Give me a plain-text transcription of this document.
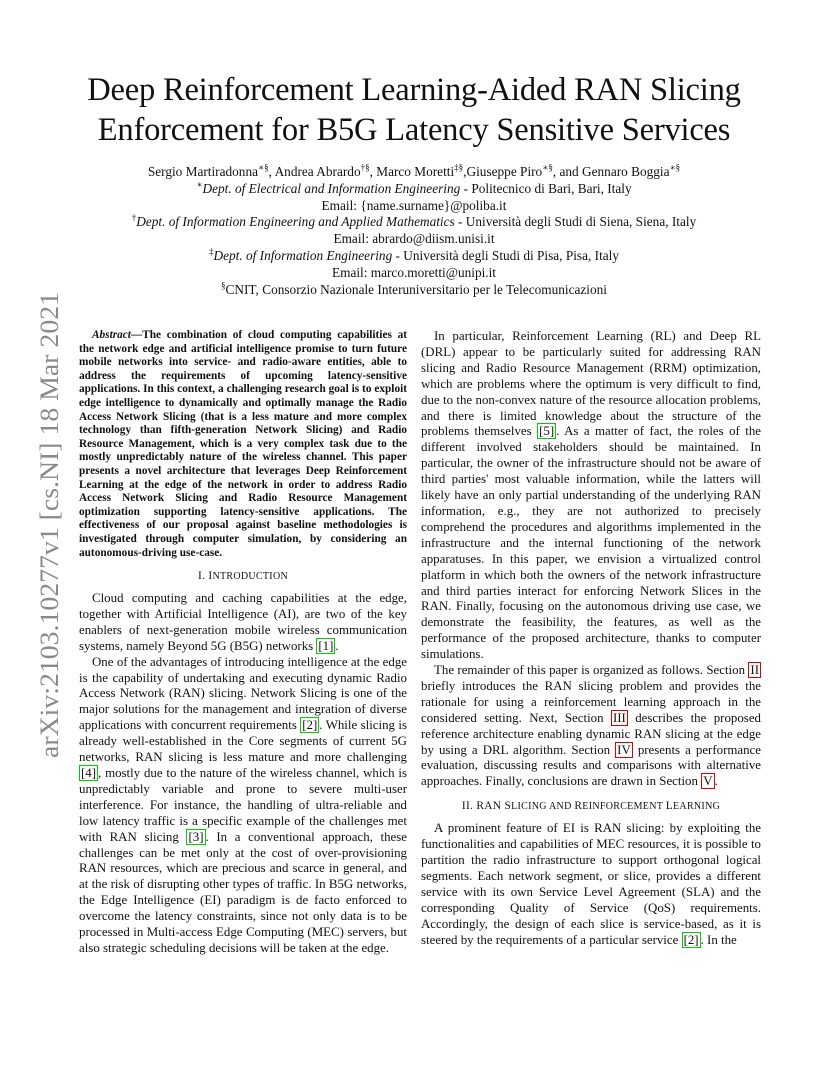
arXiv:2103.10277v1 [cs.NI] 18 Mar 2021
Deep Reinforcement Learning-Aided RAN Slicing
Enforcement for B5G Latency Sensitive Services
Sergio Martiradonna∗§, Andrea Abrardo†§, Marco Moretti‡§,Giuseppe Piro∗§, and Gennaro Boggia∗§
∗Dept. of Electrical and Information Engineering - Politecnico di Bari, Bari, Italy
Email: {name.surname}@poliba.it
†Dept. of Information Engineering and Applied Mathematics - Università degli Studi di Siena, Siena, Italy
Email: abrardo@diism.unisi.it
‡Dept. of Information Engineering - Università degli Studi di Pisa, Pisa, Italy
Email: marco.moretti@unipi.it
§CNIT, Consorzio Nazionale Interuniversitario per le Telecomunicazioni

Abstract—The combination of cloud computing capabilities at the network edge and artificial intelligence promise to turn future mobile networks into service- and radio-aware entities, able to address the requirements of upcoming latency-sensitive applications. In this context, a challenging research goal is to exploit edge intelligence to dynamically and optimally manage the Radio Access Network Slicing (that is a less mature and more complex technology than fifth-generation Network Slicing) and Radio Resource Management, which is a very complex task due to the mostly unpredictably nature of the wireless channel. This paper presents a novel architecture that leverages Deep Reinforcement Learning at the edge of the network in order to address Radio Access Network Slicing and Radio Resource Management optimization supporting latency-sensitive applications. The effectiveness of our proposal against baseline methodologies is investigated through computer simulation, by considering an autonomous-driving use-case.

I. INTRODUCTION

Cloud computing and caching capabilities at the edge, together with Artificial Intelligence (AI), are two of the key enablers of next-generation mobile wireless communication systems, namely Beyond 5G (B5G) networks [1] .

One of the advantages of introducing intelligence at the edge is the capability of undertaking and executing dynamic Radio Access Network (RAN) slicing. Network Slicing is one of the major solutions for the management and integration of diverse applications with concurrent requirements [2] . While slicing is already well-established in the Core segments of current 5G networks, RAN slicing is less mature and more challenging [4] , mostly due to the nature of the wireless channel, which is unpredictably variable and prone to severe multi-user interference. For instance, the handling of ultra-reliable and low latency traffic is a specific example of the challenges met with RAN slicing [3] . In a conventional approach, these challenges can be met only at the cost of over-provisioning RAN resources, which are precious and scarce in general, and at the risk of disrupting other types of traffic. In B5G networks, the Edge Intelligence (EI) paradigm is de facto enforced to overcome the latency constraints, since not only data is to be processed in Multi-access Edge Computing (MEC) servers, but also strategic scheduling decisions will be taken at the edge.

In particular, Reinforcement Learning (RL) and Deep RL (DRL) appear to be particularly suited for addressing RAN slicing and Radio Resource Management (RRM) optimization, which are problems where the optimum is very difficult to find, due to the non-convex nature of the resource allocation problems, and there is limited knowledge about the structure of the problems themselves [5] . As a matter of fact, the roles of the different involved stakeholders should be maintained. In particular, the owner of the infrastructure should not be aware of third parties' most valuable information, while the latters will likely have an only partial understanding of the underlying RAN information, e.g., they are not authorized to precisely comprehend the procedures and algorithms implemented in the infrastructure and the internal functioning of the network apparatuses. In this paper, we envision a virtualized control platform in which both the owners of the network infrastructure and third parties interact for enforcing Network Slices in the RAN. Finally, focusing on the autonomous driving use case, we demonstrate the feasibility, the features, as well as the performance of the proposed architecture, thanks to computer simulations.

The remainder of this paper is organized as follows. Section II briefly introduces the RAN slicing problem and provides the rationale for using a reinforcement learning approach in the considered setting. Next, Section III describes the proposed reference architecture enabling dynamic RAN slicing at the edge by using a DRL algorithm. Section IV presents a performance evaluation, discussing results and comparisons with alternative approaches. Finally, conclusions are drawn in Section V .

II. RAN SLICING AND REINFORCEMENT LEARNING

A prominent feature of EI is RAN slicing: by exploiting the functionalities and capabilities of MEC resources, it is possible to partition the radio infrastructure to support orthogonal logical segments. Each network segment, or slice, provides a different service with its own Service Level Agreement (SLA) and the corresponding Quality of Service (QoS) requirements. Accordingly, the design of each slice is service-based, as it is steered by the requirements of a particular service [2] . In the
